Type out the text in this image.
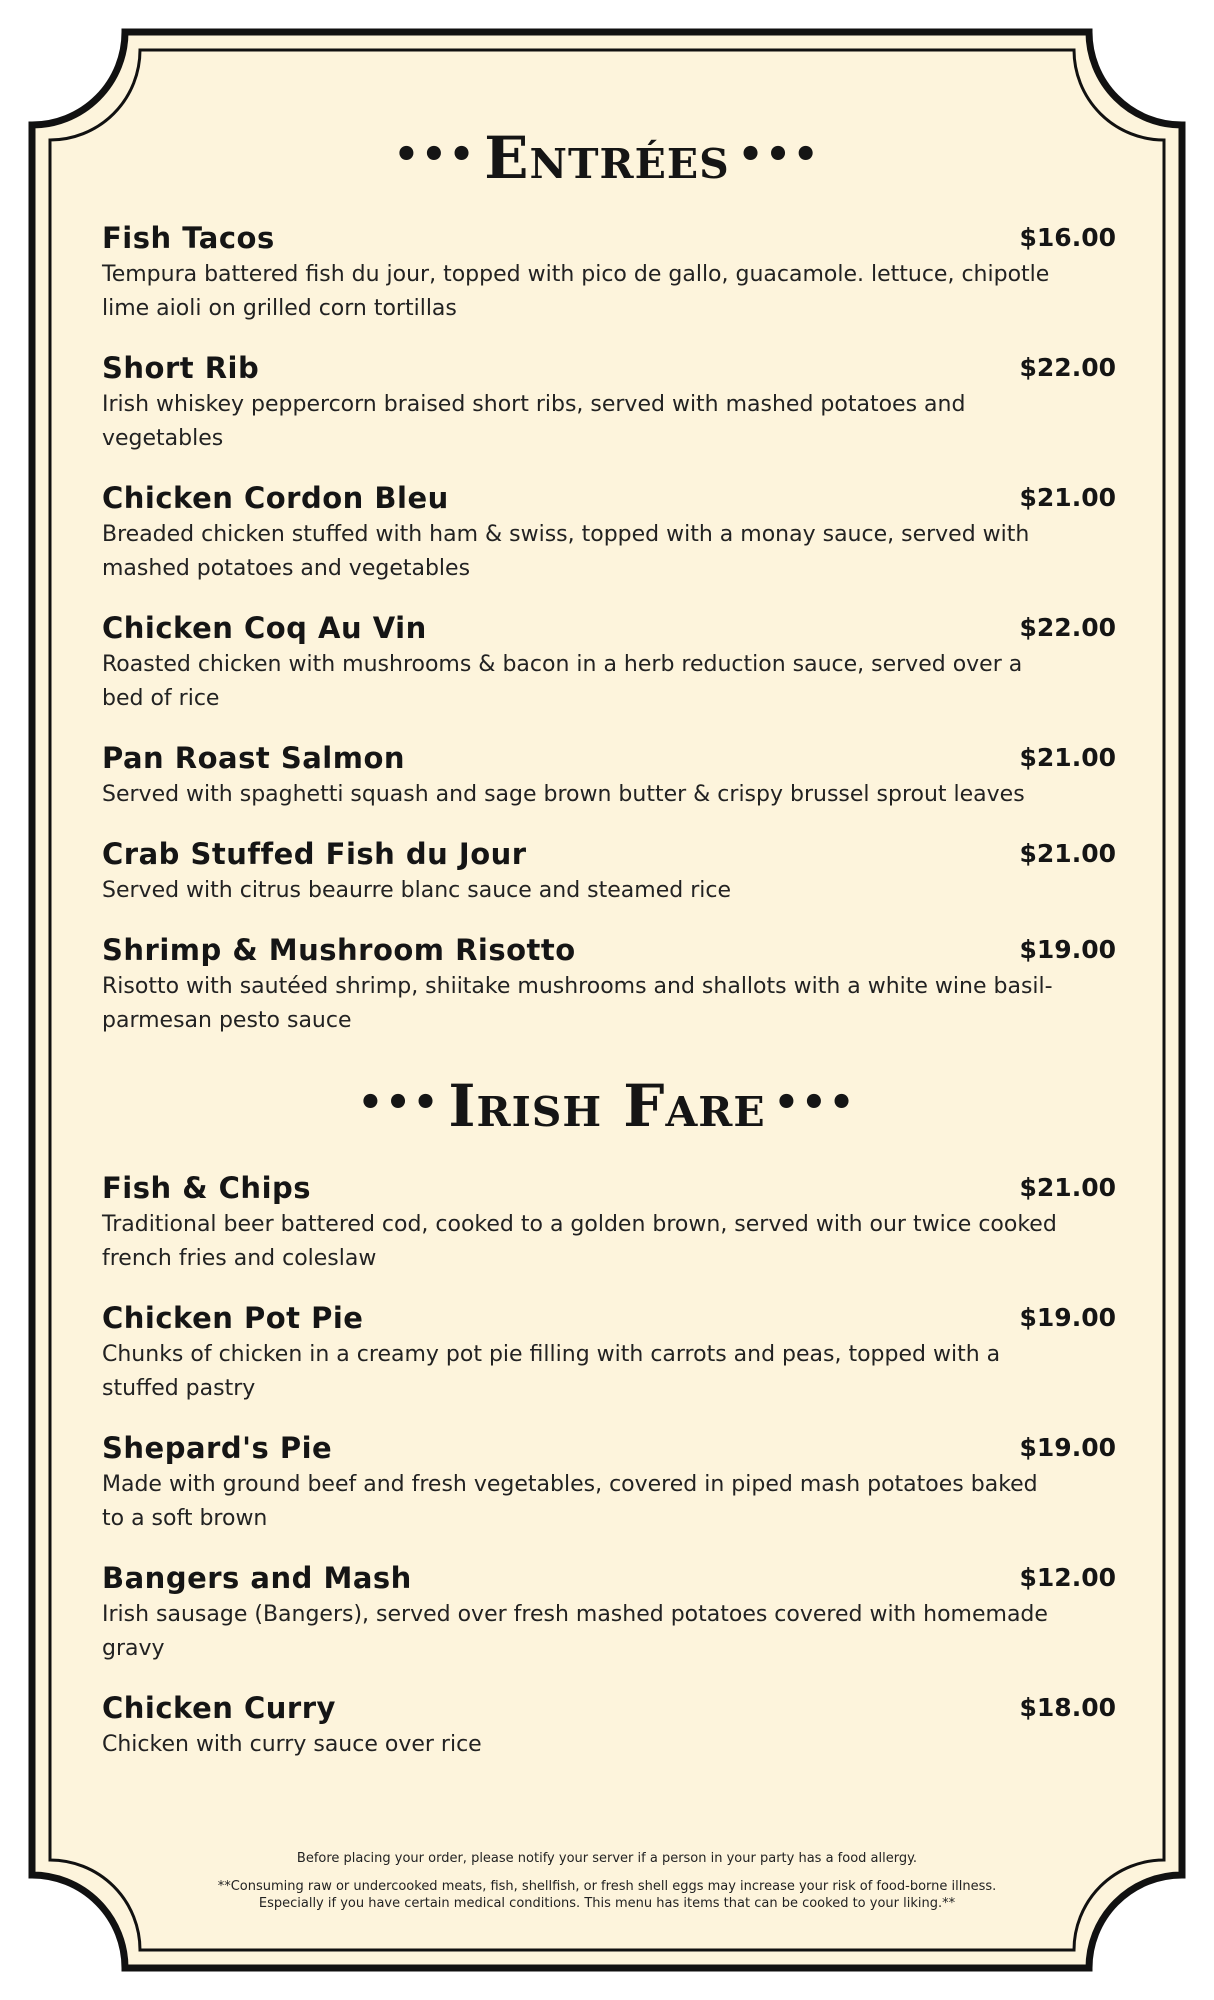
••• Entrées •••
Fish Tacos	$16.00
Tempura battered fish du jour, topped with pico de gallo, guacamole. lettuce, chipotle lime aioli on grilled corn tortillas
Short Rib	$22.00
Irish whiskey peppercorn braised short ribs, served with mashed potatoes and vegetables
Chicken Cordon Bleu	$21.00
Breaded chicken stuffed with ham & swiss, topped with a monay sauce, served with mashed potatoes and vegetables
Chicken Coq Au Vin	$22.00
Roasted chicken with mushrooms & bacon in a herb reduction sauce, served over a bed of rice
Pan Roast Salmon	$21.00
Served with spaghetti squash and sage brown butter & crispy brussel sprout leaves
Crab Stuffed Fish du Jour	$21.00
Served with citrus beaurre blanc sauce and steamed rice
Shrimp & Mushroom Risotto	$19.00
Risotto with sautéed shrimp, shiitake mushrooms and shallots with a white wine basil-parmesan pesto sauce
••• Irish Fare •••
Fish & Chips	$21.00
Traditional beer battered cod, cooked to a golden brown, served with our twice cooked french fries and coleslaw
Chicken Pot Pie	$19.00
Chunks of chicken in a creamy pot pie filling with carrots and peas, topped with a stuffed pastry
Shepard's Pie	$19.00
Made with ground beef and fresh vegetables, covered in piped mash potatoes baked to a soft brown
Bangers and Mash	$12.00
Irish sausage (Bangers), served over fresh mashed potatoes covered with homemade gravy
Chicken Curry	$18.00
Chicken with curry sauce over rice
Before placing your order, please notify your server if a person in your party has a food allergy.
**Consuming raw or undercooked meats, fish, shellfish, or fresh shell eggs may increase your risk of food-borne illness.
Especially if you have certain medical conditions. This menu has items that can be cooked to your liking.**
